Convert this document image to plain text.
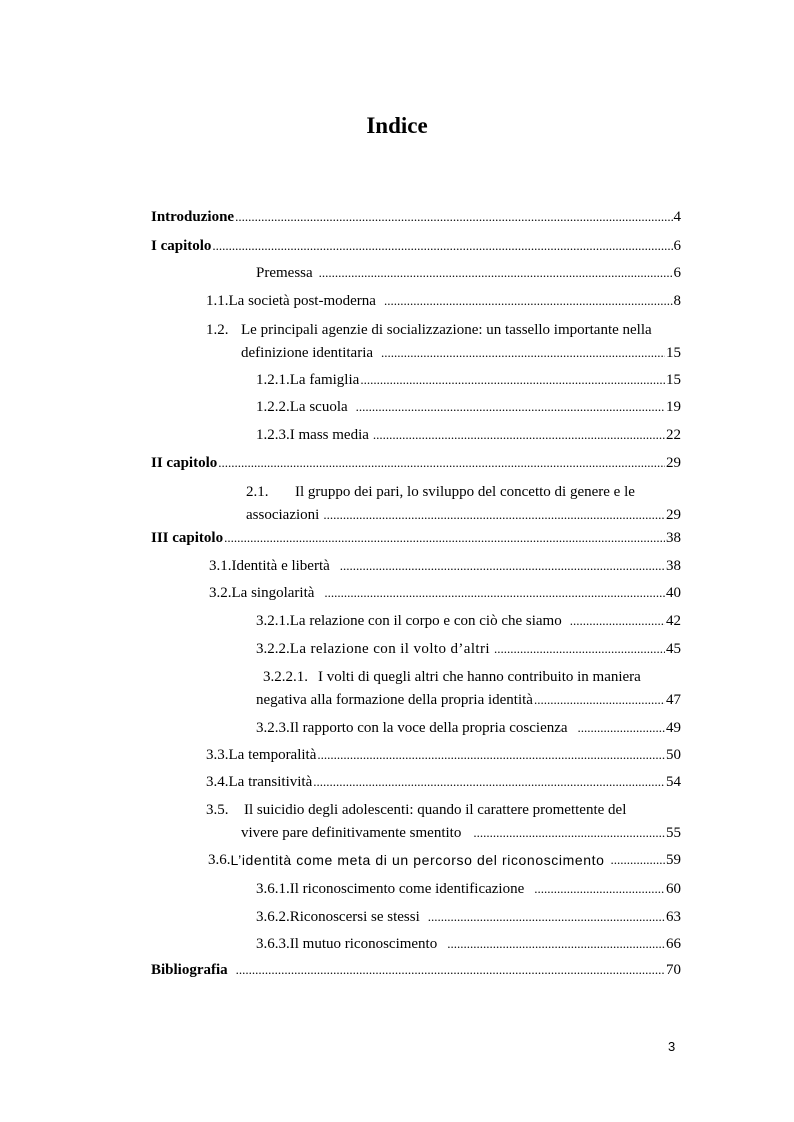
Indice
Introduzione .....	4
I capitolo .....	6
Premessa .....	6
1.1. La società post-moderna .....	8
1.2. Le principali agenzie di socializzazione: un tassello importante nella
definizione identitaria .....	15
1.2.1. La famiglia .....	15
1.2.2. La scuola .....	19
1.2.3. I mass media .....	22
II capitolo .....	29
2.1. Il gruppo dei pari, lo sviluppo del concetto di genere e le
associazioni .....	29
III capitolo .....	38
3.1. Identità e libertà .....	38
3.2. La singolarità .....	40
3.2.1. La relazione con il corpo e con ciò che siamo .....	42
3.2.2. La relazione con il volto d’altri .....	45
3.2.2.1. I volti di quegli altri che hanno contribuito in maniera
negativa alla formazione della propria identità .....	47
3.2.3. Il rapporto con la voce della propria coscienza .....	49
3.3. La temporalità .....	50
3.4. La transitività .....	54
3.5. Il suicidio degli adolescenti: quando il carattere promettente del
vivere pare definitivamente smentito .....	55
3.6. L’identità come meta di un percorso del riconoscimento .....	59
3.6.1. Il riconoscimento come identificazione .....	60
3.6.2. Riconoscersi se stessi .....	63
3.6.3. Il mutuo riconoscimento .....	66
Bibliografia .....	70
3
